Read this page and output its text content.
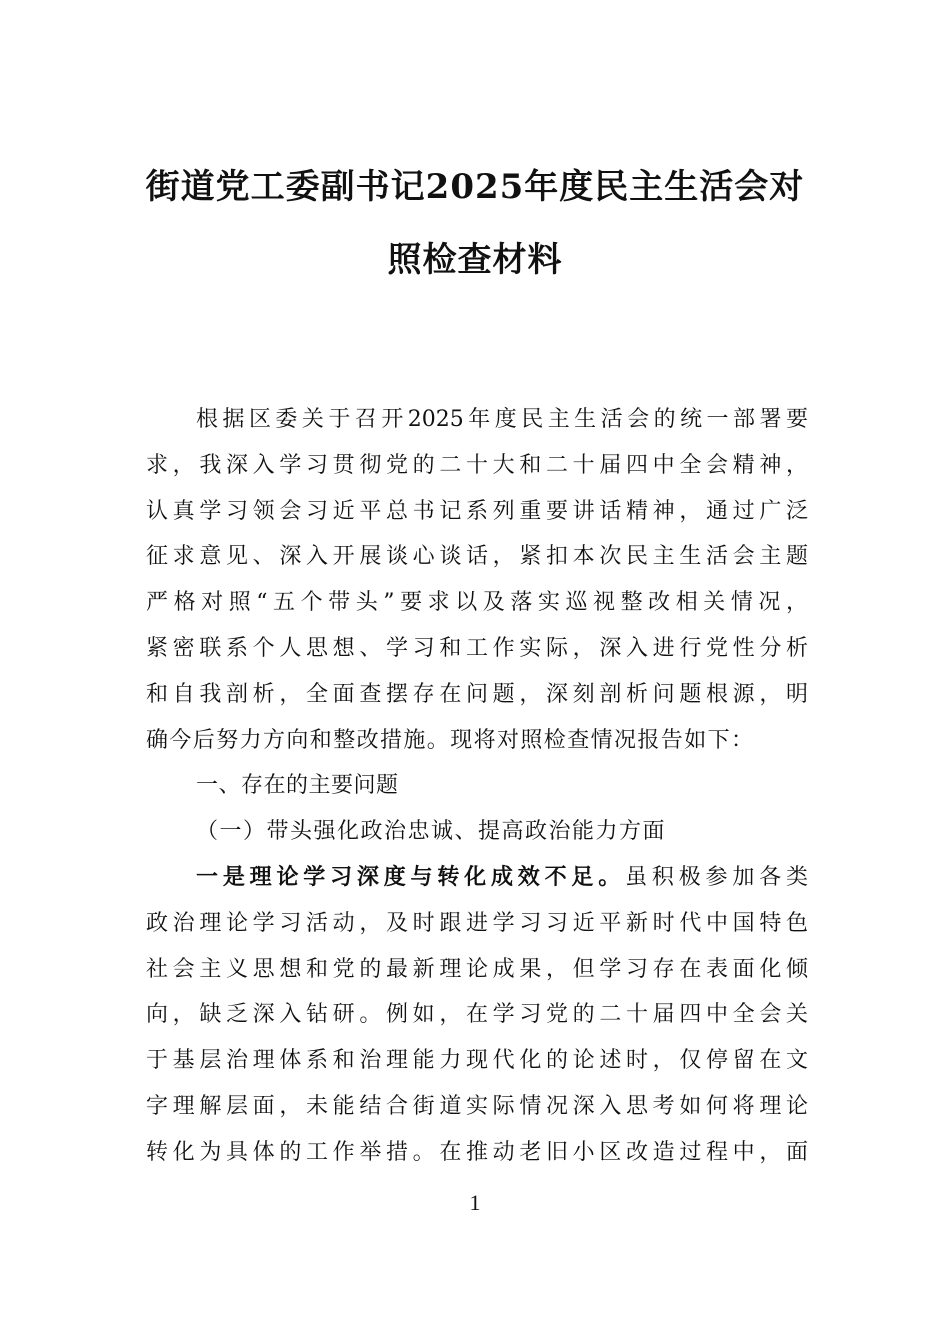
街道党工委副书记2025年度民主生活会对
照检查材料
根据区委关于召开2025年度民主生活会的统一部署要
求，我深入学习贯彻党的二十大和二十届四中全会精神，
认真学习领会习近平总书记系列重要讲话精神，通过广泛
征求意见、深入开展谈心谈话，紧扣本次民主生活会主题
严格对照“五个带头”要求以及落实巡视整改相关情况，
紧密联系个人思想、学习和工作实际，深入进行党性分析
和自我剖析，全面查摆存在问题，深刻剖析问题根源，明
确今后努力方向和整改措施。现将对照检查情况报告如下：
一、存在的主要问题
（一）带头强化政治忠诚、提高政治能力方面
一是理论学习深度与转化成效不足。虽积极参加各类
政治理论学习活动，及时跟进学习习近平新时代中国特色
社会主义思想和党的最新理论成果，但学习存在表面化倾
向，缺乏深入钻研。例如，在学习党的二十届四中全会关
于基层治理体系和治理能力现代化的论述时，仅停留在文
字理解层面，未能结合街道实际情况深入思考如何将理论
转化为具体的工作举措。在推动老旧小区改造过程中，面
1
